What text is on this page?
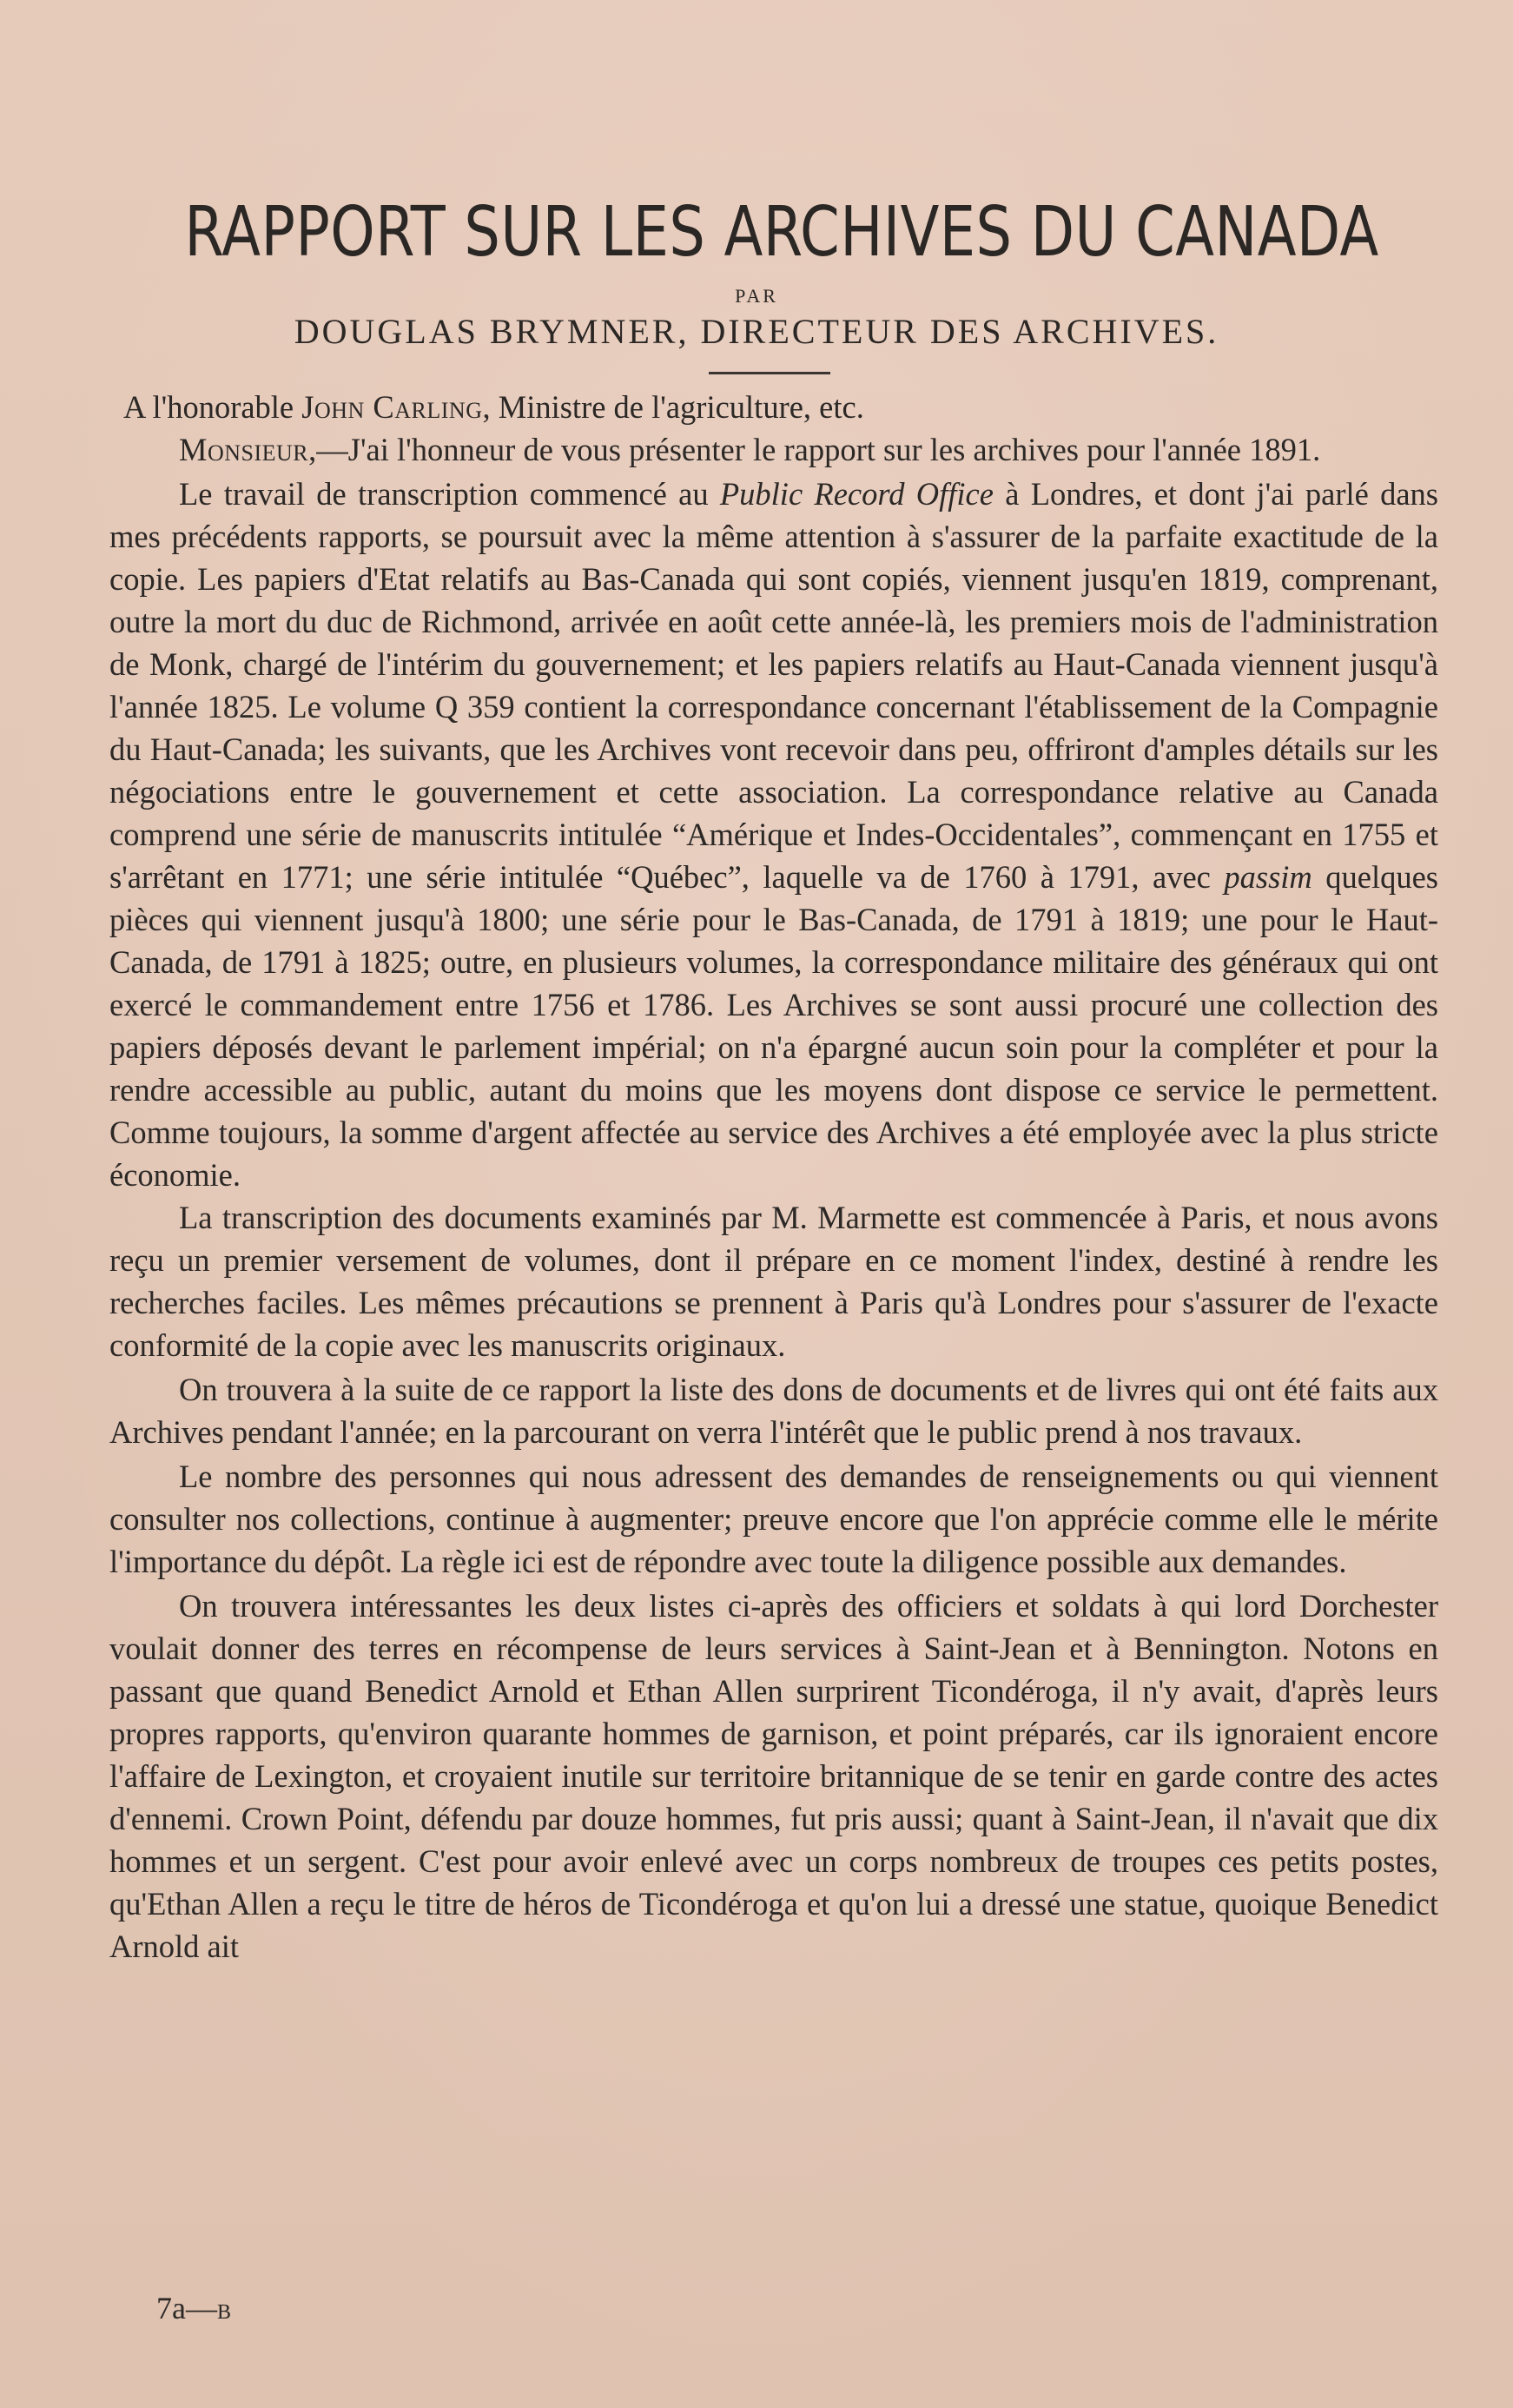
RAPPORT SUR LES ARCHIVES DU CANADA
PAR
DOUGLAS BRYMNER, DIRECTEUR DES ARCHIVES.

A l'honorable John Carling, Ministre de l'agriculture, etc.

Monsieur,—J'ai l'honneur de vous présenter le rapport sur les archives pour l'année 1891.

Le travail de transcription commencé au Public Record Office à Londres, et dont j'ai parlé dans mes précédents rapports, se poursuit avec la même attention à s'assurer de la parfaite exactitude de la copie. Les papiers d'Etat relatifs au Bas-Canada qui sont copiés, viennent jusqu'en 1819, comprenant, outre la mort du duc de Richmond, arrivée en août cette année-là, les premiers mois de l'administration de Monk, chargé de l'intérim du gouvernement; et les papiers relatifs au Haut-Canada viennent jusqu'à l'année 1825. Le volume Q 359 contient la correspondance concernant l'établissement de la Compagnie du Haut-Canada; les suivants, que les Archives vont recevoir dans peu, offriront d'amples détails sur les négociations entre le gouvernement et cette association. La correspondance relative au Canada comprend une série de manuscrits intitulée “Amérique et Indes-Occidentales”, commençant en 1755 et s'arrêtant en 1771; une série intitulée “Québec”, laquelle va de 1760 à 1791, avec passim quelques pièces qui viennent jusqu'à 1800; une série pour le Bas-Canada, de 1791 à 1819; une pour le Haut-Canada, de 1791 à 1825; outre, en plusieurs volumes, la correspondance militaire des généraux qui ont exercé le commandement entre 1756 et 1786. Les Archives se sont aussi procuré une collection des papiers déposés devant le parlement impérial; on n'a épargné aucun soin pour la compléter et pour la rendre accessible au public, autant du moins que les moyens dont dispose ce service le permettent. Comme toujours, la somme d'argent affectée au service des Archives a été employée avec la plus stricte économie.

La transcription des documents examinés par M. Marmette est commencée à Paris, et nous avons reçu un premier versement de volumes, dont il prépare en ce moment l'index, destiné à rendre les recherches faciles. Les mêmes précautions se prennent à Paris qu'à Londres pour s'assurer de l'exacte conformité de la copie avec les manuscrits originaux.

On trouvera à la suite de ce rapport la liste des dons de documents et de livres qui ont été faits aux Archives pendant l'année; en la parcourant on verra l'intérêt que le public prend à nos travaux.

Le nombre des personnes qui nous adressent des demandes de renseignements ou qui viennent consulter nos collections, continue à augmenter; preuve encore que l'on apprécie comme elle le mérite l'importance du dépôt. La règle ici est de répondre avec toute la diligence possible aux demandes.

On trouvera intéressantes les deux listes ci-après des officiers et soldats à qui lord Dorchester voulait donner des terres en récompense de leurs services à Saint-Jean et à Bennington. Notons en passant que quand Benedict Arnold et Ethan Allen surprirent Ticondéroga, il n'y avait, d'après leurs propres rapports, qu'environ quarante hommes de garnison, et point préparés, car ils ignoraient encore l'affaire de Lexington, et croyaient inutile sur territoire britannique de se tenir en garde contre des actes d'ennemi. Crown Point, défendu par douze hommes, fut pris aussi; quant à Saint-Jean, il n'avait que dix hommes et un sergent. C'est pour avoir enlevé avec un corps nombreux de troupes ces petits postes, qu'Ethan Allen a reçu le titre de héros de Ticondéroga et qu'on lui a dressé une statue, quoique Benedict Arnold ait

7a—B
